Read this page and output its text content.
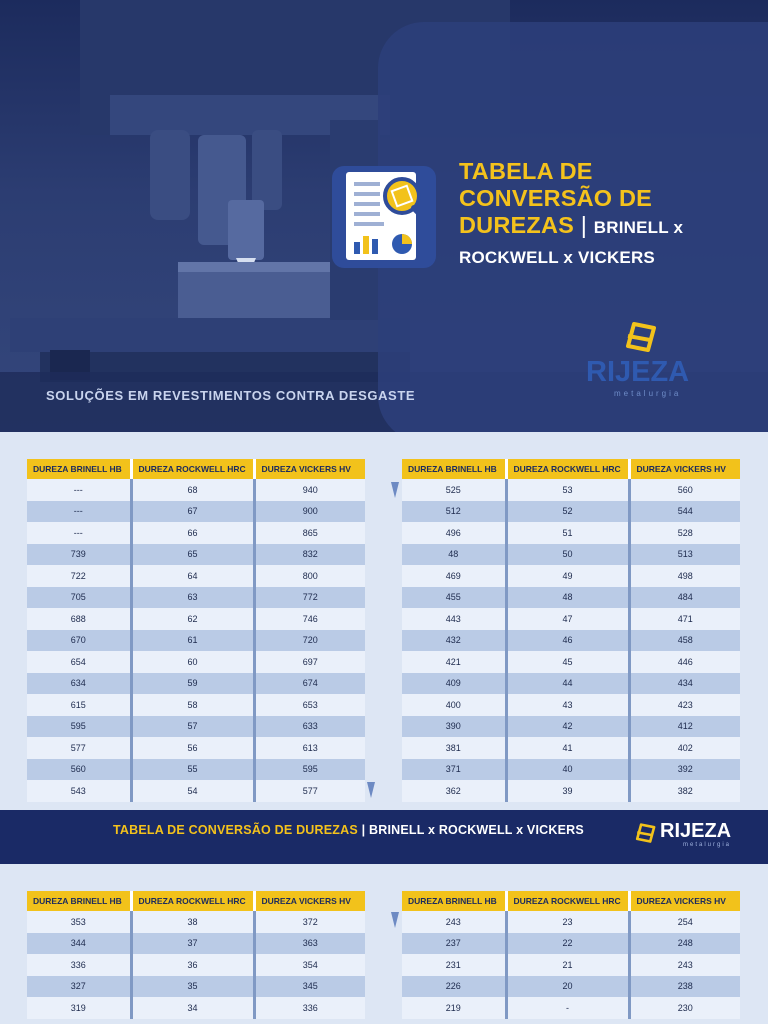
TABELA DE
CONVERSÃO DE
DUREZAS | BRINELL x
ROCKWELL x VICKERS
RIJEZA
metalurgia
SOLUÇÕES EM REVESTIMENTOS CONTRA DESGASTE
DUREZA BRINELL HB	DUREZA ROCKWELL HRC	DUREZA VICKERS HV
---	68	940
---	67	900
---	66	865
739	65	832
722	64	800
705	63	772
688	62	746
670	61	720
654	60	697
634	59	674
615	58	653
595	57	633
577	56	613
560	55	595
543	54	577
DUREZA BRINELL HB	DUREZA ROCKWELL HRC	DUREZA VICKERS HV
525	53	560
512	52	544
496	51	528
48	50	513
469	49	498
455	48	484
443	47	471
432	46	458
421	45	446
409	44	434
400	43	423
390	42	412
381	41	402
371	40	392
362	39	382
TABELA DE CONVERSÃO DE DUREZAS | BRINELL x ROCKWELL x VICKERS	RIJEZA
metalurgia
DUREZA BRINELL HB	DUREZA ROCKWELL HRC	DUREZA VICKERS HV
353	38	372
344	37	363
336	36	354
327	35	345
319	34	336
DUREZA BRINELL HB	DUREZA ROCKWELL HRC	DUREZA VICKERS HV
243	23	254
237	22	248
231	21	243
226	20	238
219	-	230
